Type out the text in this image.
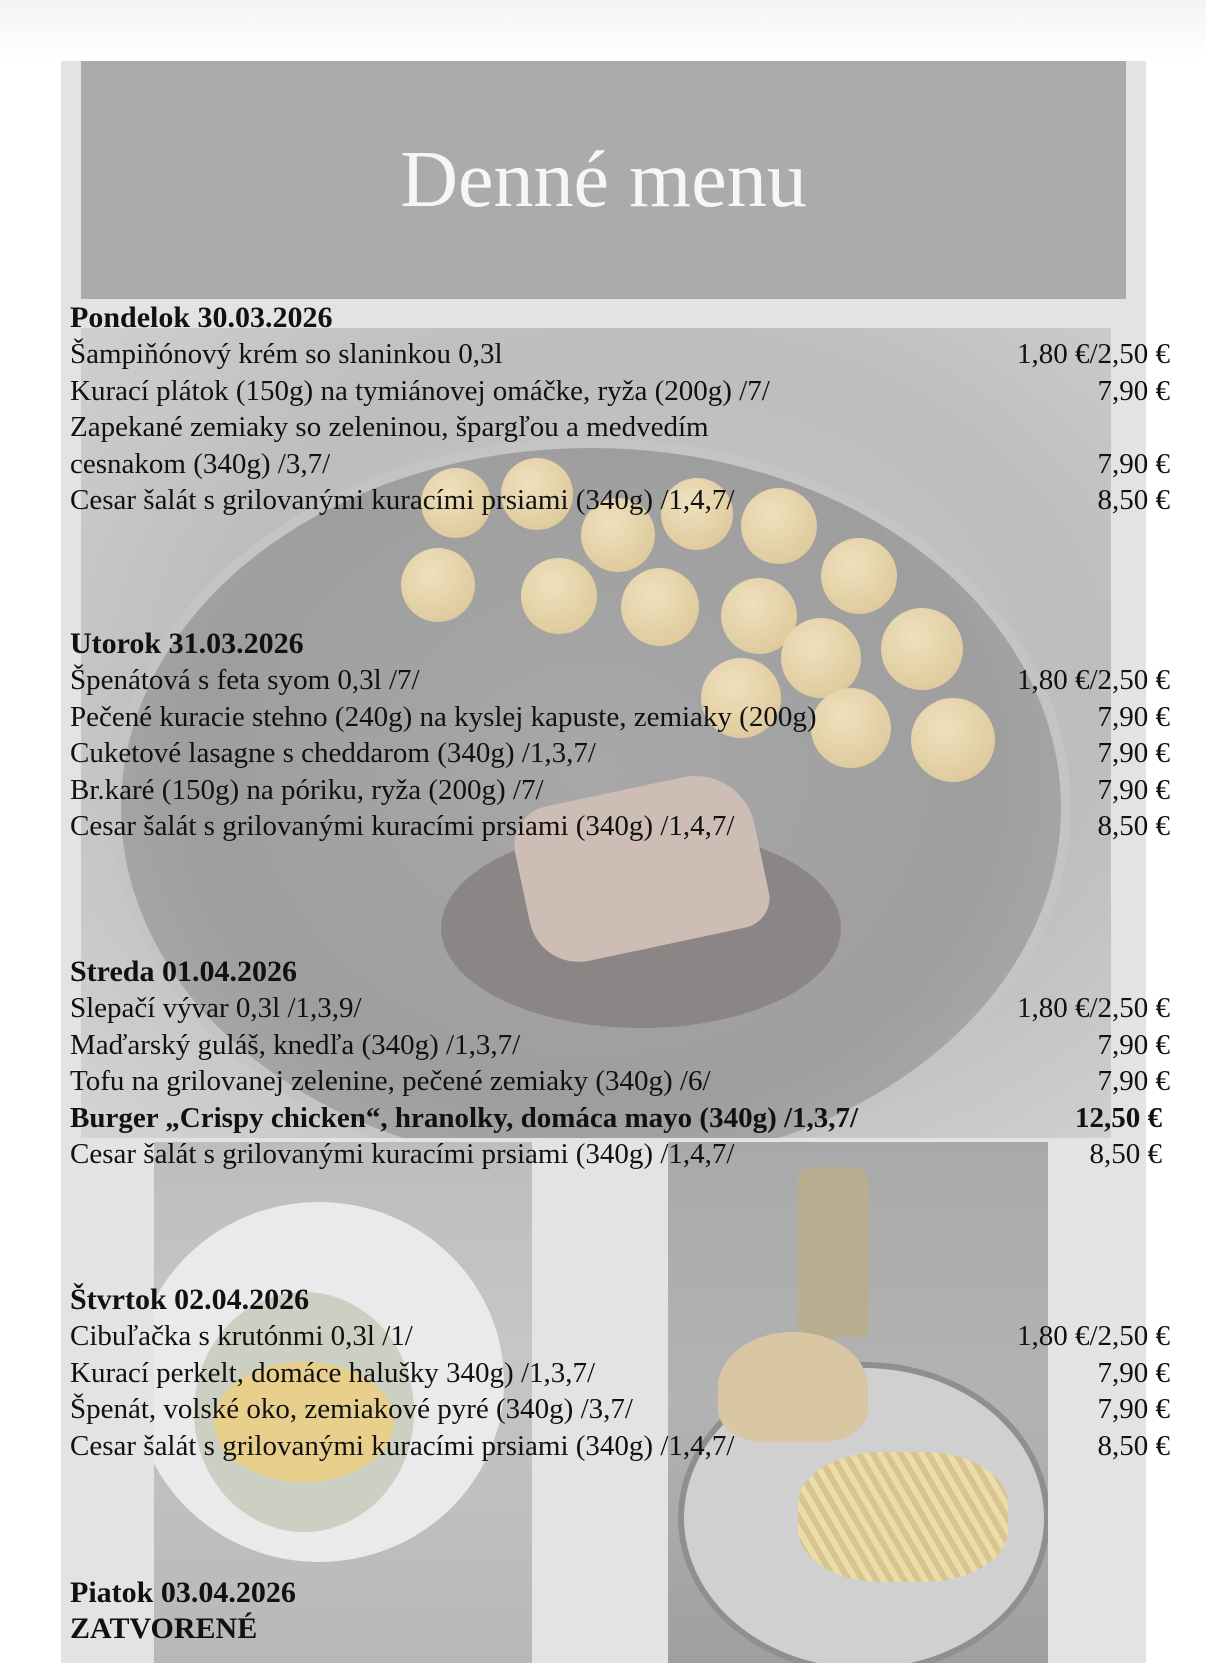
Denné menu
Pondelok 30.03.2026
Šampiňónový krém so slaninkou 0,3l	1,80 €/2,50 €
Kurací plátok (150g) na tymiánovej omáčke, ryža (200g) /7/	7,90 €
Zapekané zemiaky so zeleninou, špargľou a medvedím cesnakom (340g) /3,7/	7,90 €
Cesar šalát s grilovanými kuracími prsiami (340g) /1,4,7/	8,50 €
Utorok 31.03.2026
Špenátová s feta syom 0,3l /7/	1,80 €/2,50 €
Pečené kuracie stehno (240g) na kyslej kapuste, zemiaky (200g)	7,90 €
Cuketové lasagne s cheddarom (340g) /1,3,7/	7,90 €
Br.karé (150g) na póriku, ryža (200g) /7/	7,90 €
Cesar šalát s grilovanými kuracími prsiami (340g) /1,4,7/	8,50 €
Streda 01.04.2026
Slepačí vývar 0,3l /1,3,9/	1,80 €/2,50 €
Maďarský guláš, knedľa (340g) /1,3,7/	7,90 €
Tofu na grilovanej zelenine, pečené zemiaky (340g) /6/	7,90 €
Burger „Crispy chicken“, hranolky, domáca mayo (340g) /1,3,7/	12,50 €
Cesar šalát s grilovanými kuracími prsiami (340g) /1,4,7/	8,50 €
Štvrtok 02.04.2026
Cibuľačka s krutónmi 0,3l /1/	1,80 €/2,50 €
Kurací perkelt, domáce halušky 340g) /1,3,7/	7,90 €
Špenát, volské oko, zemiakové pyré (340g) /3,7/	7,90 €
Cesar šalát s grilovanými kuracími prsiami (340g) /1,4,7/	8,50 €
Piatok 03.04.2026
ZATVORENÉ
